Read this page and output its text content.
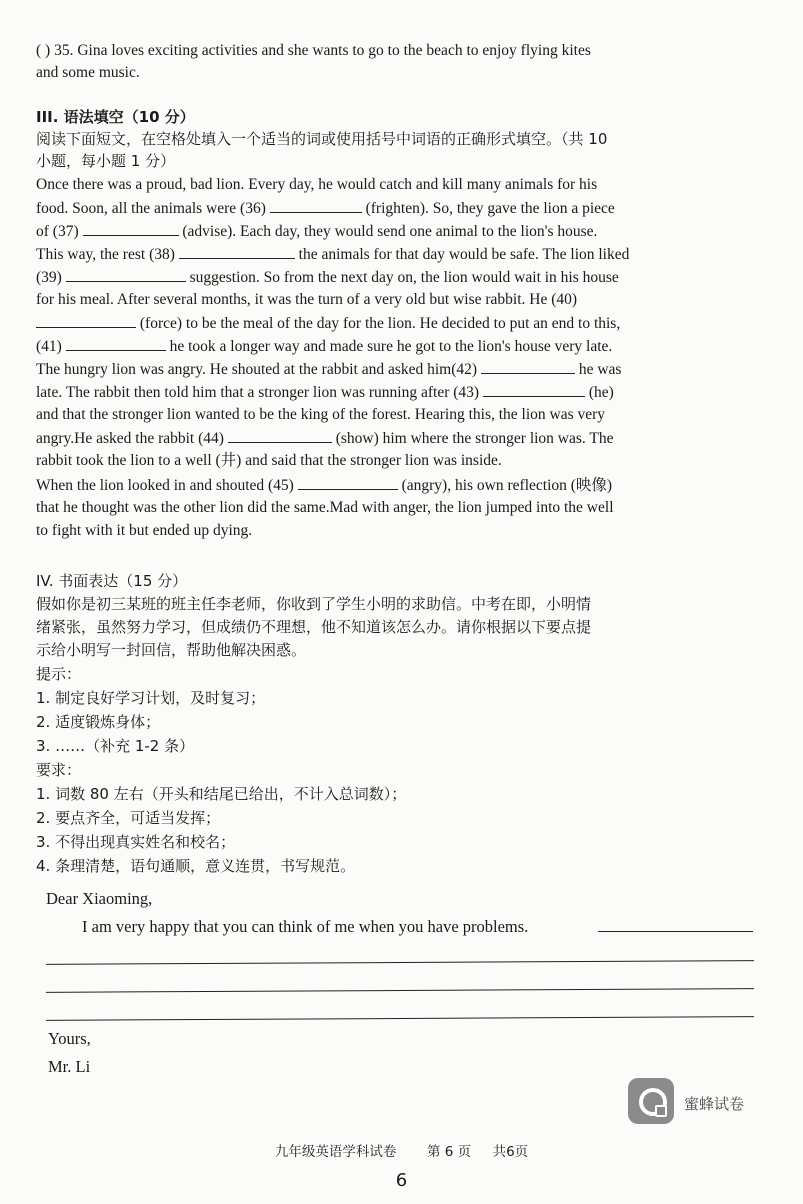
( ) 35. Gina loves exciting activities and she wants to go to the beach to enjoy flying kites
and some music.
III. 语法填空（10 分）
阅读下面短文，在空格处填入一个适当的词或使用括号中词语的正确形式填空。（共 10
小题，每小题 1 分）
Once there was a proud, bad lion. Every day, he would catch and kill many animals for his
food. Soon, all the animals were (36)	(frighten). So, they gave the lion a piece
of (37)	(advise). Each day, they would send one animal to the lion's house.
This way, the rest (38)	the animals for that day would be safe. The lion liked
(39)	suggestion. So from the next day on, the lion would wait in his house
for his meal. After several months, it was the turn of a very old but wise rabbit. He (40)
(force) to be the meal of the day for the lion. He decided to put an end to this,
(41)	he took a longer way and made sure he got to the lion's house very late.
The hungry lion was angry. He shouted at the rabbit and asked him(42)	he was
late. The rabbit then told him that a stronger lion was running after (43)	(he)
and that the stronger lion wanted to be the king of the forest. Hearing this, the lion was very
angry.He asked the rabbit (44)	(show) him where the stronger lion was. The
rabbit took the lion to a well (井) and said that the stronger lion was inside.
When the lion looked in and shouted (45)	(angry), his own reflection (映像)
that he thought was the other lion did the same.Mad with anger, the lion jumped into the well
to fight with it but ended up dying.
IV. 书面表达（15 分）
假如你是初三某班的班主任李老师，你收到了学生小明的求助信。中考在即，小明情
绪紧张，虽然努力学习，但成绩仍不理想，他不知道该怎么办。请你根据以下要点提
示给小明写一封回信，帮助他解决困惑。
提示：
1. 制定良好学习计划，及时复习；
2. 适度锻炼身体；
3. ……（补充 1-2 条）
要求：
1. 词数 80 左右（开头和结尾已给出，不计入总词数）；
2. 要点齐全，可适当发挥；
3. 不得出现真实姓名和校名；
4. 条理清楚，语句通顺，意义连贯，书写规范。
Dear Xiaoming,
I am very happy that you can think of me when you have problems.
Yours,
Mr. Li
蜜蜂试卷
九年级英语学科试卷 第 6 页     共6页
6
